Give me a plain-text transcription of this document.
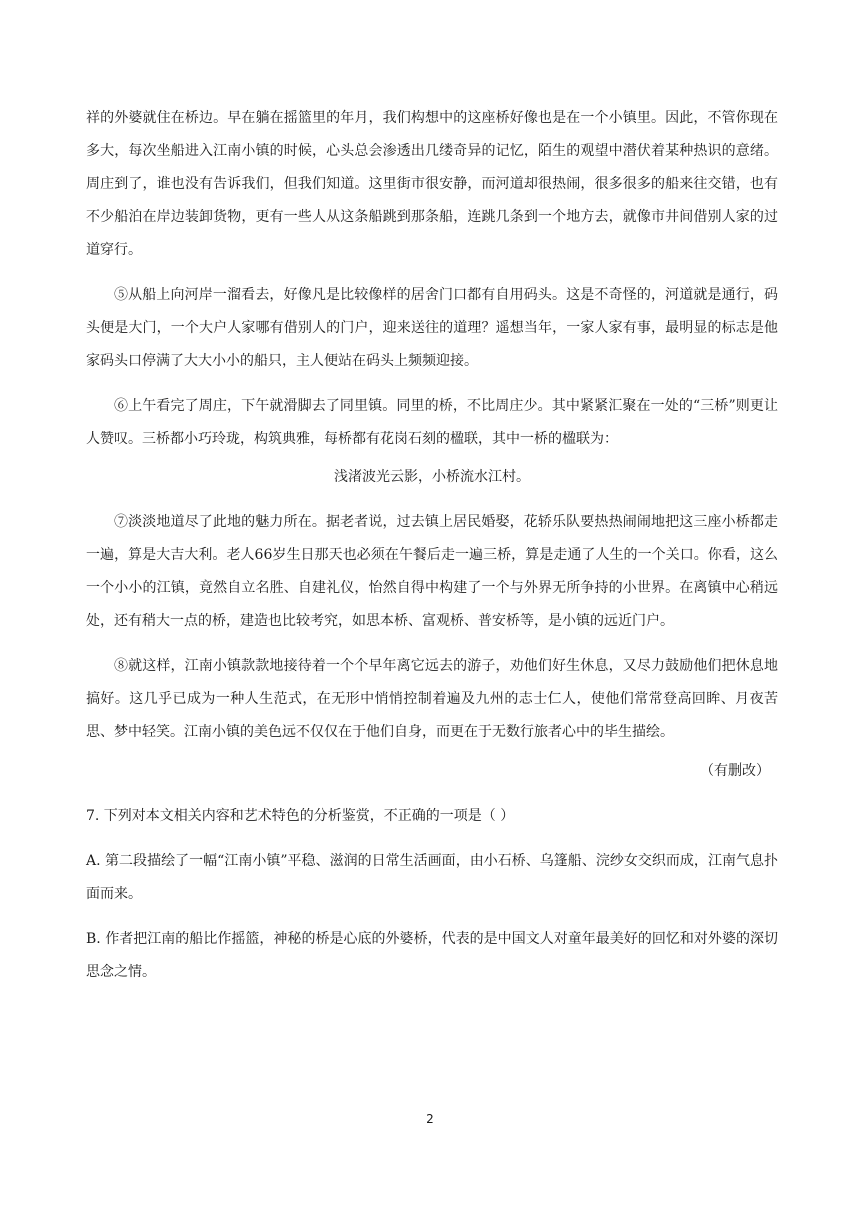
祥的外婆就住在桥边。早在躺在摇篮里的年月，我们构想中的这座桥好像也是在一个小镇里。因此，不管你现在多大，每次坐船进入江南小镇的时候，心头总会渗透出几缕奇异的记忆，陌生的观望中潜伏着某种热识的意绪。周庄到了，谁也没有告诉我们，但我们知道。这里街市很安静，而河道却很热闹，很多很多的船来往交错，也有不少船泊在岸边装卸货物，更有一些人从这条船跳到那条船，连跳几条到一个地方去，就像市井间借别人家的过道穿行。

⑤从船上向河岸一溜看去，好像凡是比较像样的居舍门口都有自用码头。这是不奇怪的，河道就是通行，码头便是大门，一个大户人家哪有借别人的门户，迎来送往的道理？遥想当年，一家人家有事，最明显的标志是他家码头口停满了大大小小的船只，主人便站在码头上频频迎接。

⑥上午看完了周庄，下午就滑脚去了同里镇。同里的桥，不比周庄少。其中紧紧汇聚在一处的“三桥”则更让人赞叹。三桥都小巧玲珑，构筑典雅，每桥都有花岗石刻的楹联，其中一桥的楹联为：

浅渚波光云影，小桥流水江村。

⑦淡淡地道尽了此地的魅力所在。据老者说，过去镇上居民婚娶，花轿乐队要热热闹闹地把这三座小桥都走一遍，算是大吉大利。老人66岁生日那天也必须在午餐后走一遍三桥，算是走通了人生的一个关口。你看，这么一个小小的江镇，竟然自立名胜、自建礼仪，怡然自得中构建了一个与外界无所争持的小世界。在离镇中心稍远处，还有稍大一点的桥，建造也比较考究，如思本桥、富观桥、普安桥等，是小镇的远近门户。

⑧就这样，江南小镇款款地接待着一个个早年离它远去的游子，劝他们好生休息，又尽力鼓励他们把休息地搞好。这几乎已成为一种人生范式，在无形中悄悄控制着遍及九州的志士仁人，使他们常常登高回眸、月夜苦思、梦中轻笑。江南小镇的美色远不仅仅在于他们自身，而更在于无数行旅者心中的毕生描绘。

（有删改）

7. 下列对本文相关内容和艺术特色的分析鉴赏，不正确的一项是（ ）

A. 第二段描绘了一幅“江南小镇”平稳、滋润的日常生活画面，由小石桥、乌篷船、浣纱女交织而成，江南气息扑面而来。

B. 作者把江南的船比作摇篮，神秘的桥是心底的外婆桥，代表的是中国文人对童年最美好的回忆和对外婆的深切思念之情。

2
